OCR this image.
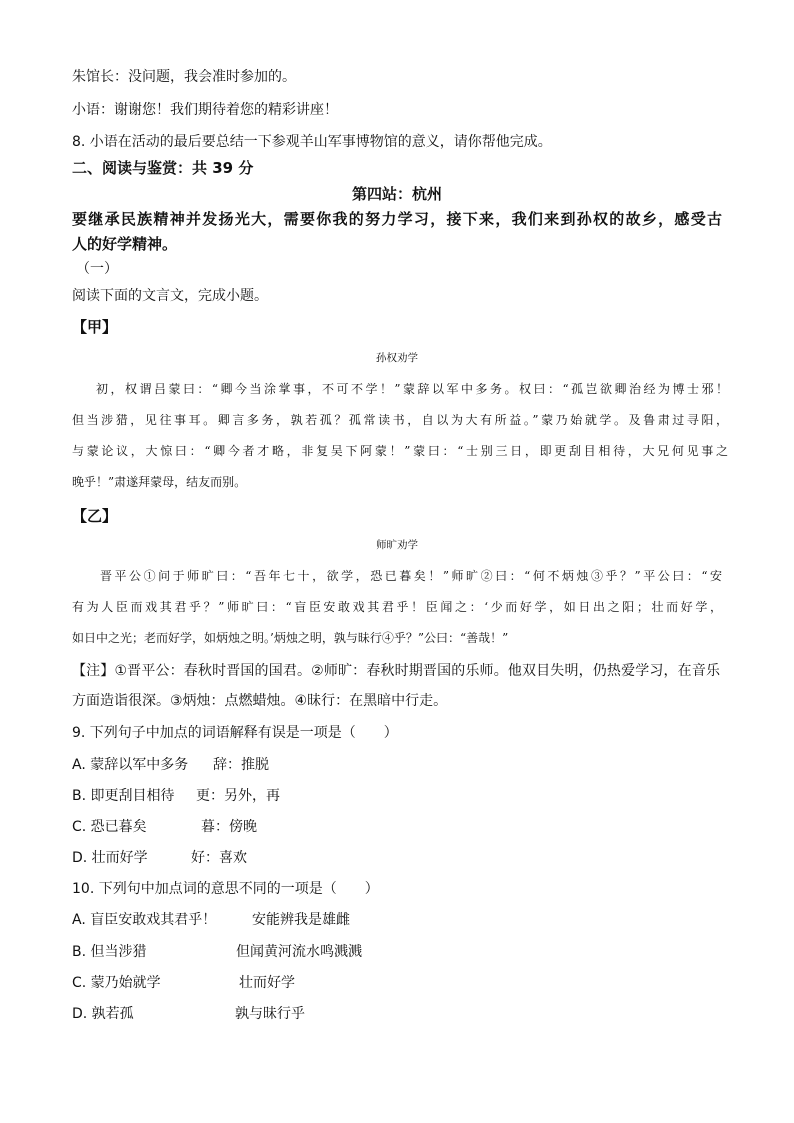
朱馆长：没问题，我会准时参加的。
小语：谢谢您！我们期待着您的精彩讲座！
8. 小语在活动的最后要总结一下参观羊山军事博物馆的意义，请你帮他完成。
二、阅读与鉴赏：共 39 分
第四站：杭州
要继承民族精神并发扬光大，需要你我的努力学习，接下来，我们来到孙权的故乡，感受古
人的好学精神。
（一）
阅读下面的文言文，完成小题。
【甲】
孙权劝学
初，权谓吕蒙曰：“卿今当涂掌事，不可不学！”蒙辞以军中多务。权曰：“孤岂欲卿治经为博士邪！
但当涉猎，见往事耳。卿言多务，孰若孤？孤常读书，自以为大有所益。”蒙乃始就学。及鲁肃过寻阳，
与蒙论议，大惊曰：“卿今者才略，非复吴下阿蒙！”蒙曰：“士别三日，即更刮目相待，大兄何见事之
晚乎！”肃遂拜蒙母，结友而别。
【乙】
师旷劝学
晋平公①问于师旷曰：“吾年七十，欲学，恐已暮矣！”师旷②曰：“何不炳烛③乎？”平公曰：“安
有为人臣而戏其君乎？”师旷曰：“盲臣安敢戏其君乎！臣闻之：‘少而好学，如日出之阳；壮而好学，
如日中之光；老而好学，如炳烛之明。’炳烛之明，孰与昧行④乎？”公曰：“善哉！”
【注】①晋平公：春秋时晋国的国君。②师旷：春秋时期晋国的乐师。他双目失明，仍热爱学习，在音乐
方面造诣很深。③炳烛：点燃蜡烛。④昧行：在黑暗中行走。
9. 下列句子中加点的词语解释有误是一项是（　　）
A. 蒙辞以军中多务 辞：推脱
B. 即更刮目相待 更：另外，再
C. 恐已暮矣	暮：傍晚
D. 壮而好学	好：喜欢
10. 下列句中加点词的意思不同的一项是（　　）
A. 盲臣安敢戏其君乎！	安能辨我是雄雌
B. 但当涉猎	但闻黄河流水鸣溅溅
C. 蒙乃始就学	壮而好学
D. 孰若孤	孰与昧行乎
